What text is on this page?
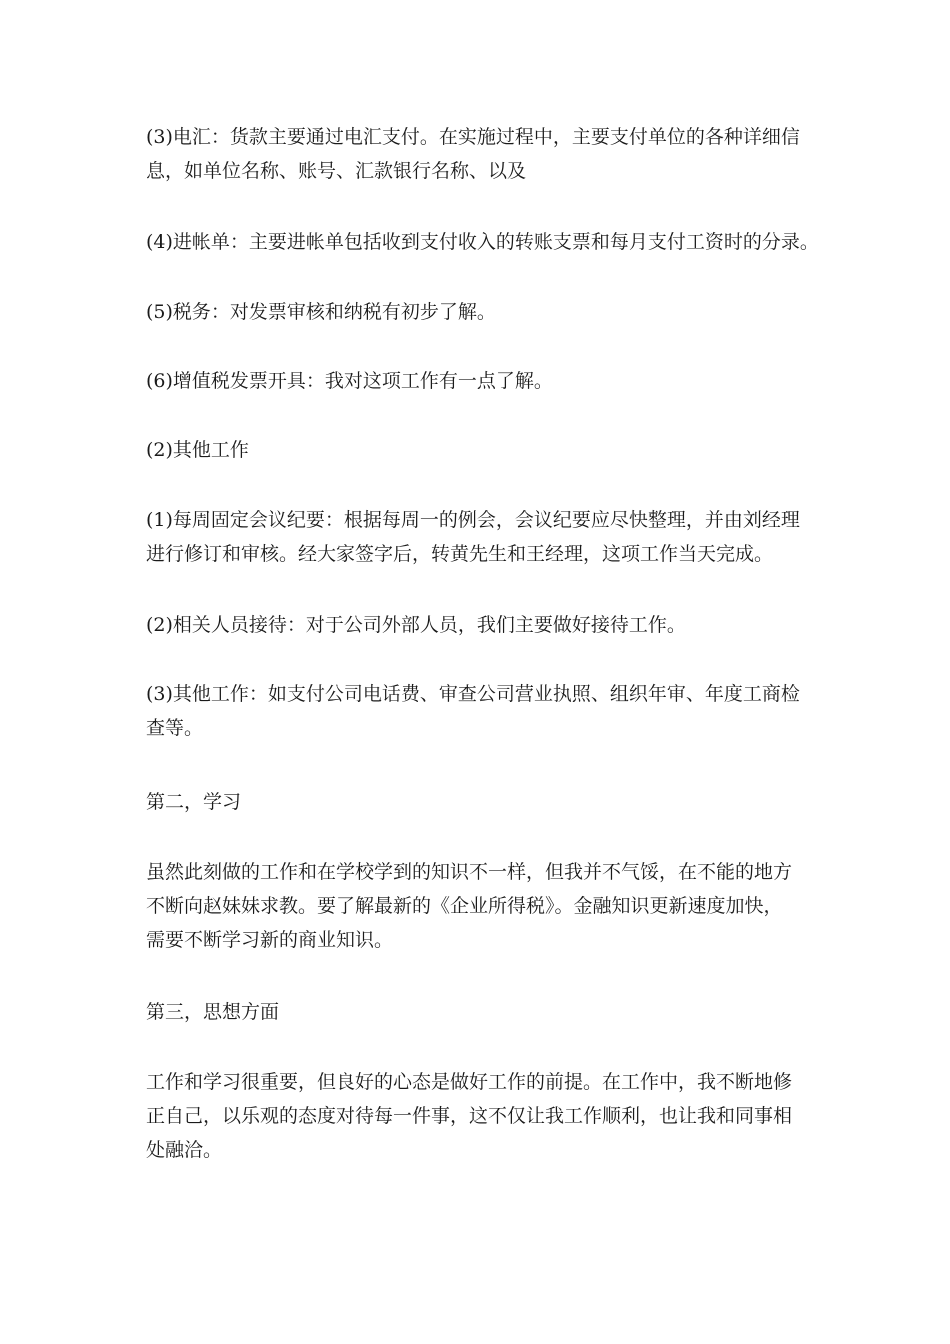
(3)电汇：货款主要通过电汇支付。在实施过程中，主要支付单位的各种详细信
息，如单位名称、账号、汇款银行名称、以及
(4)进帐单：主要进帐单包括收到支付收入的转账支票和每月支付工资时的分录。
(5)税务：对发票审核和纳税有初步了解。
(6)增值税发票开具：我对这项工作有一点了解。
(2)其他工作
(1)每周固定会议纪要：根据每周一的例会，会议纪要应尽快整理，并由刘经理
进行修订和审核。经大家签字后，转黄先生和王经理，这项工作当天完成。
(2)相关人员接待：对于公司外部人员，我们主要做好接待工作。
(3)其他工作：如支付公司电话费、审查公司营业执照、组织年审、年度工商检
查等。
第二，学习
虽然此刻做的工作和在学校学到的知识不一样，但我并不气馁，在不能的地方
不断向赵妹妹求教。要了解最新的《企业所得税》。金融知识更新速度加快，
需要不断学习新的商业知识。
第三，思想方面
工作和学习很重要，但良好的心态是做好工作的前提。在工作中，我不断地修
正自己，以乐观的态度对待每一件事，这不仅让我工作顺利，也让我和同事相
处融洽。
